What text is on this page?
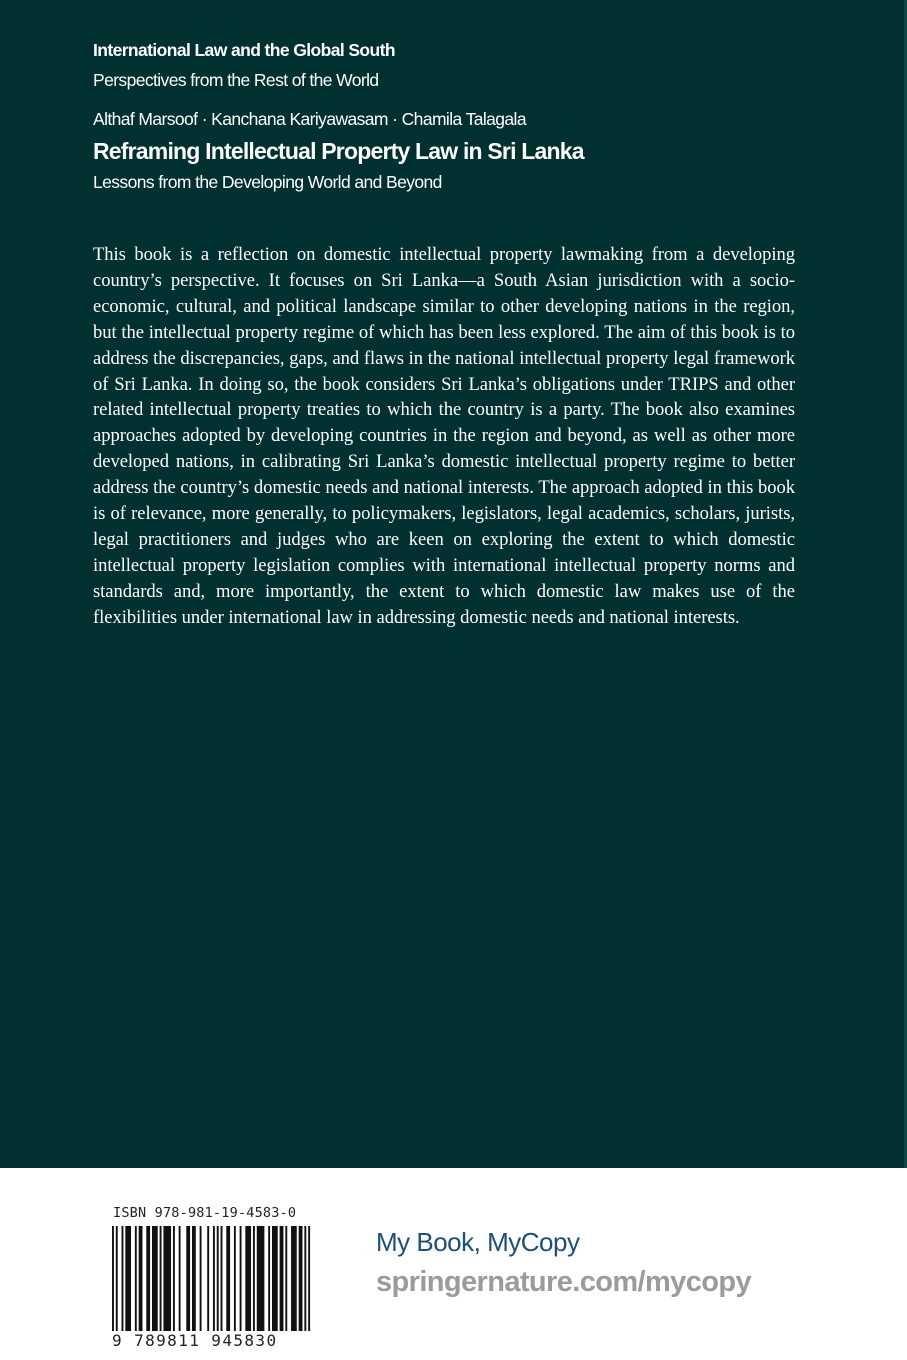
International Law and the Global South
Perspectives from the Rest of the World
Althaf Marsoof · Kanchana Kariyawasam · Chamila Talagala
Reframing Intellectual Property Law in Sri Lanka
Lessons from the Developing World and Beyond

This book is a reflection on domestic intellectual property lawmaking from a developing country’s perspective. It focuses on Sri Lanka—a South Asian jurisdiction with a socio-economic, cultural, and political landscape similar to other developing nations in the region, but the intellectual property regime of which has been less explored. The aim of this book is to address the discrepancies, gaps, and flaws in the national intellectual property legal framework of Sri Lanka. In doing so, the book considers Sri Lanka’s obligations under TRIPS and other related intellectual property treaties to which the country is a party. The book also examines approaches adopted by developing countries in the region and beyond, as well as other more developed nations, in calibrating Sri Lanka’s domestic intellectual property regime to better address the country’s domestic needs and national interests. The approach adopted in this book is of relevance, more generally, to policymakers, legislators, legal academics, scholars, jurists, legal practitioners and judges who are keen on exploring the extent to which domestic intellectual property legislation complies with international intellectual property norms and standards and, more importantly, the extent to which domestic law makes use of the flexibilities under international law in addressing domestic needs and national interests.

ISBN 978-981-19-4583-0
9 789811 945830
My Book, MyCopy
springernature.com/mycopy
